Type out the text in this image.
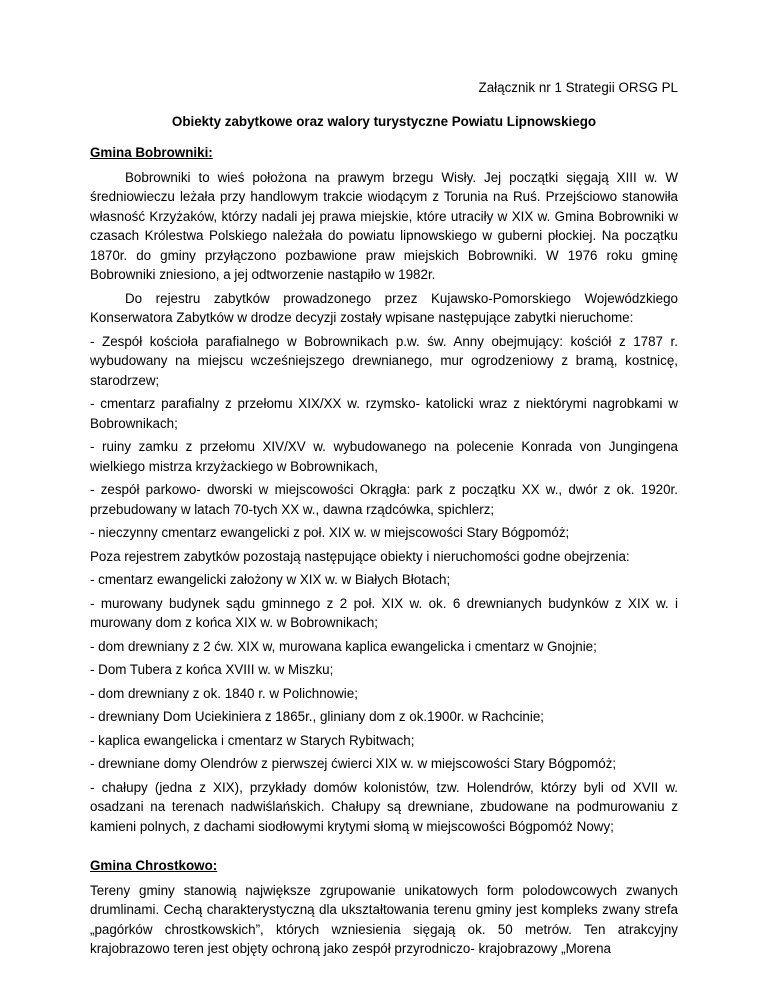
Załącznik nr 1 Strategii ORSG PL
Obiekty zabytkowe oraz walory turystyczne Powiatu Lipnowskiego
Gmina Bobrowniki:

Bobrowniki to wieś położona na prawym brzegu Wisły. Jej początki sięgają XIII w. W średniowieczu leżała przy handlowym trakcie wiodącym z Torunia na Ruś. Przejściowo stanowiła własność Krzyżaków, którzy nadali jej prawa miejskie, które utraciły w XIX w. Gmina Bobrowniki w czasach Królestwa Polskiego należała do powiatu lipnowskiego w guberni płockiej. Na początku 1870r. do gminy przyłączono pozbawione praw miejskich Bobrowniki. W 1976 roku gminę Bobrowniki zniesiono, a jej odtworzenie nastąpiło w 1982r.

Do rejestru zabytków prowadzonego przez Kujawsko-Pomorskiego Wojewódzkiego Konserwatora Zabytków w drodze decyzji zostały wpisane następujące zabytki nieruchome:

- Zespół kościoła parafialnego w Bobrownikach p.w. św. Anny obejmujący: kościół z 1787 r. wybudowany na miejscu wcześniejszego drewnianego, mur ogrodzeniowy z bramą, kostnicę, starodrzew;

- cmentarz parafialny z przełomu XIX/XX w. rzymsko- katolicki wraz z niektórymi nagrobkami w Bobrownikach;

- ruiny zamku z przełomu XIV/XV w. wybudowanego na polecenie Konrada von Jungingena wielkiego mistrza krzyżackiego w Bobrownikach,

- zespół parkowo- dworski w miejscowości Okrągła: park z początku XX w., dwór z ok. 1920r. przebudowany w latach 70-tych XX w., dawna rządcówka, spichlerz;

- nieczynny cmentarz ewangelicki z poł. XIX w. w miejscowości Stary Bógpomóż;

Poza rejestrem zabytków pozostają następujące obiekty i nieruchomości godne obejrzenia:

- cmentarz ewangelicki założony w XIX w. w Białych Błotach;

- murowany budynek sądu gminnego z 2 poł. XIX w. ok. 6 drewnianych budynków z XIX w. i murowany dom z końca XIX w. w Bobrownikach;

- dom drewniany z 2 ćw. XIX w, murowana kaplica ewangelicka i cmentarz w Gnojnie;

- Dom Tubera z końca XVIII w. w Miszku;

- dom drewniany z ok. 1840 r. w Polichnowie;

- drewniany Dom Uciekiniera z 1865r., gliniany dom z ok.1900r. w Rachcinie;

- kaplica ewangelicka i cmentarz w Starych Rybitwach;

- drewniane domy Olendrów z pierwszej ćwierci XIX w. w miejscowości Stary Bógpomóż;

- chałupy (jedna z XIX), przykłady domów kolonistów, tzw. Holendrów, którzy byli od XVII w. osadzani na terenach nadwiślańskich. Chałupy są drewniane, zbudowane na podmurowaniu z kamieni polnych, z dachami siodłowymi krytymi słomą w miejscowości Bógpomóż Nowy;

Gmina Chrostkowo:

Tereny gminy stanowią największe zgrupowanie unikatowych form polodowcowych zwanych drumlinami. Cechą charakterystyczną dla ukształtowania terenu gminy jest kompleks zwany strefa „pagórków chrostkowskich”, których wzniesienia sięgają ok. 50 metrów. Ten atrakcyjny krajobrazowo teren jest objęty ochroną jako zespół przyrodniczo- krajobrazowy „Morena
